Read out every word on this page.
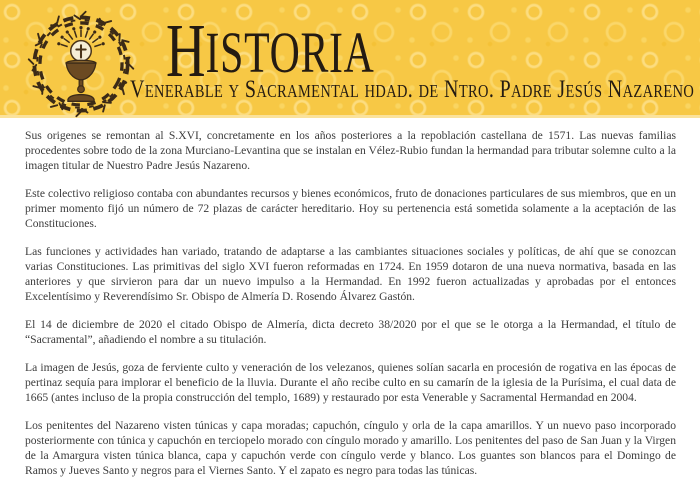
HISTORIA
Venerable y Sacramental hdad. de Ntro. Padre Jesús Nazareno

Sus origenes se remontan al S.XVI, concretamente en los años posteriores a la repoblación castellana de 1571. Las nuevas familias procedentes sobre todo de la zona Murciano-Levantina que se instalan en Vélez-Rubio fundan la hermandad para tributar solemne culto a la imagen titular de Nuestro Padre Jesús Nazareno.

Este colectivo religioso contaba con abundantes recursos y bienes económicos, fruto de donaciones particulares de sus miembros, que en un primer momento fijó un número de 72 plazas de carácter hereditario. Hoy su pertenencia está sometida solamente a la aceptación de las Constituciones.

Las funciones y actividades han variado, tratando de adaptarse a las cambiantes situaciones sociales y políticas, de ahí que se conozcan varias Constituciones. Las primitivas del siglo XVI fueron reformadas en 1724. En 1959 dotaron de una nueva normativa, basada en las anteriores y que sirvieron para dar un nuevo impulso a la Hermandad. En 1992 fueron actualizadas y aprobadas por el entonces Excelentísimo y Reverendísimo Sr. Obispo de Almería D. Rosendo Álvarez Gastón.

El 14 de diciembre de 2020 el citado Obispo de Almería, dicta decreto 38/2020 por el que se le otorga a la Hermandad, el título de “Sacramental”, añadiendo el nombre a su titulación.

La imagen de Jesús, goza de ferviente culto y veneración de los velezanos, quienes solían sacarla en procesión de rogativa en las épocas de pertinaz sequía para implorar el beneficio de la lluvia. Durante el año recibe culto en su camarín de la iglesia de la Purísima, el cual data de 1665 (antes incluso de la propia construcción del templo, 1689) y restaurado por esta Venerable y Sacramental Hermandad en 2004.

Los penitentes del Nazareno visten túnicas y capa moradas; capuchón, cíngulo y orla de la capa amarillos. Y un nuevo paso incorporado posteriormente con túnica y capuchón en terciopelo morado con cíngulo morado y amarillo. Los penitentes del paso de San Juan y la Virgen de la Amargura visten túnica blanca, capa y capuchón verde con cíngulo verde y blanco. Los guantes son blancos para el Domingo de Ramos y Jueves Santo y negros para el Viernes Santo. Y el zapato es negro para todas las túnicas.
